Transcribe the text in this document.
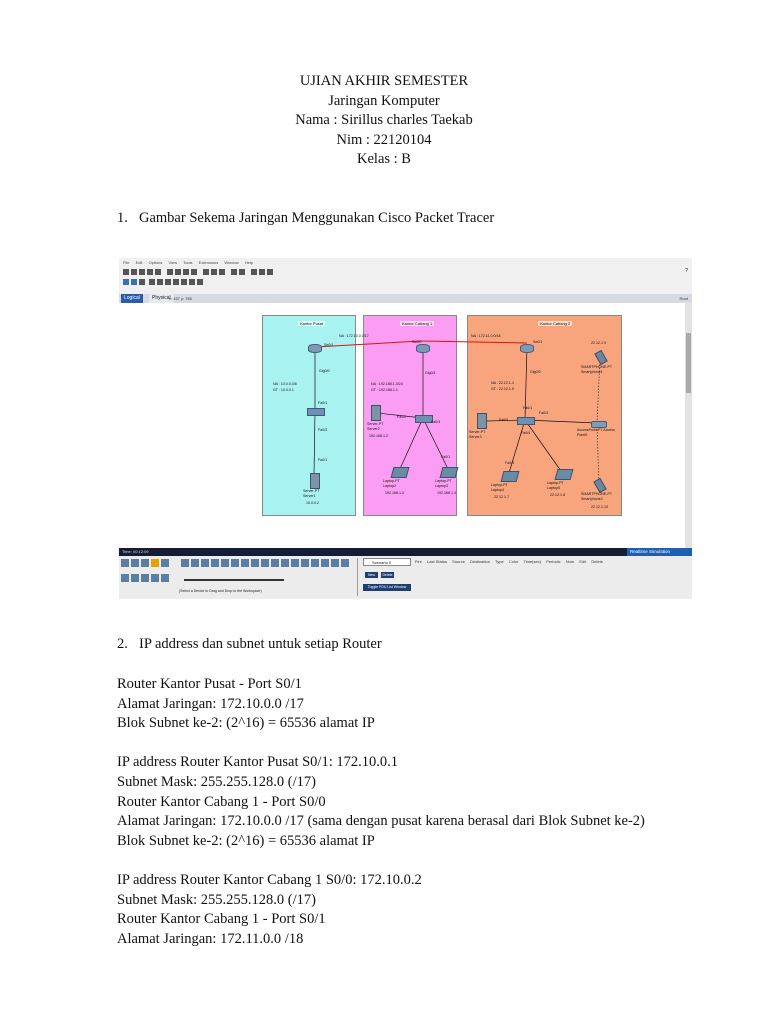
UJIAN AKHIR SEMESTER
Jaringan Komputer
Nama : Sirillus charles Taekab
Nim : 22120104
Kelas : B
1. Gambar Sekema Jaringan Menggunakan Cisco Packet Tracer
File Edit Options View Tools Extensions Window Help
?
Logical	Physical
x: 457 y: 765	Root
Kantor Pusat	Kantor Cabang 1	Kantor Cabang 2
NA : 172.10.0.0/17	NA : 172.11.0.0/18
Se0/1
Gig0/0
NA : 10.0.0.0/8
GT : 10.0.0.1
Fa0/1
Fa0/2
Fa0/1
Server-PT Server1
10.0.0.2
Se0/0
Gig0/1
NA : 192.168.1.0/24
GT : 192.168.1.1
Fa0/2
Fa0/4
Server-PT Server2
192.168.1.2
Laptop-PT Laptop2
192.168.1.3
Fa0/1
Laptop-PT Laptop3
192.168.1.4
Se0/1
Gig0/0
NA : 22.12.1.4
GT : 22.12.1.5
Fa0/1
Fa0/3
Fa0/2
Fa0/4
Server-PT Server3
AccessPoint-PT Access Point0
22.12.1.9
SMARTPHONE-PT Smartphone1
SMARTPHONE-PT Smartphone2
22.12.1.10
Fa0/1
Laptop-PT Laptop4
22.12.1.7
Laptop-PT Laptop5
22.12.1.8
Time: 00:12:09	Realtime Simulation
(Select a Device to Drag and Drop to the Workspace)
Scenario 0
New	Delete
Toggle PDU List Window
Fire Last Status Source Destination Type Color Time(sec) Periodic Num Edit Delete
2. IP address dan subnet untuk setiap Router
Router Kantor Pusat - Port S0/1
Alamat Jaringan: 172.10.0.0 /17
Blok Subnet ke-2: (2^16) = 65536 alamat IP
IP address Router Kantor Pusat S0/1: 172.10.0.1
Subnet Mask: 255.255.128.0 (/17)
Router Kantor Cabang 1 - Port S0/0
Alamat Jaringan: 172.10.0.0 /17 (sama dengan pusat karena berasal dari Blok Subnet ke-2)
Blok Subnet ke-2: (2^16) = 65536 alamat IP
IP address Router Kantor Cabang 1 S0/0: 172.10.0.2
Subnet Mask: 255.255.128.0 (/17)
Router Kantor Cabang 1 - Port S0/1
Alamat Jaringan: 172.11.0.0 /18
